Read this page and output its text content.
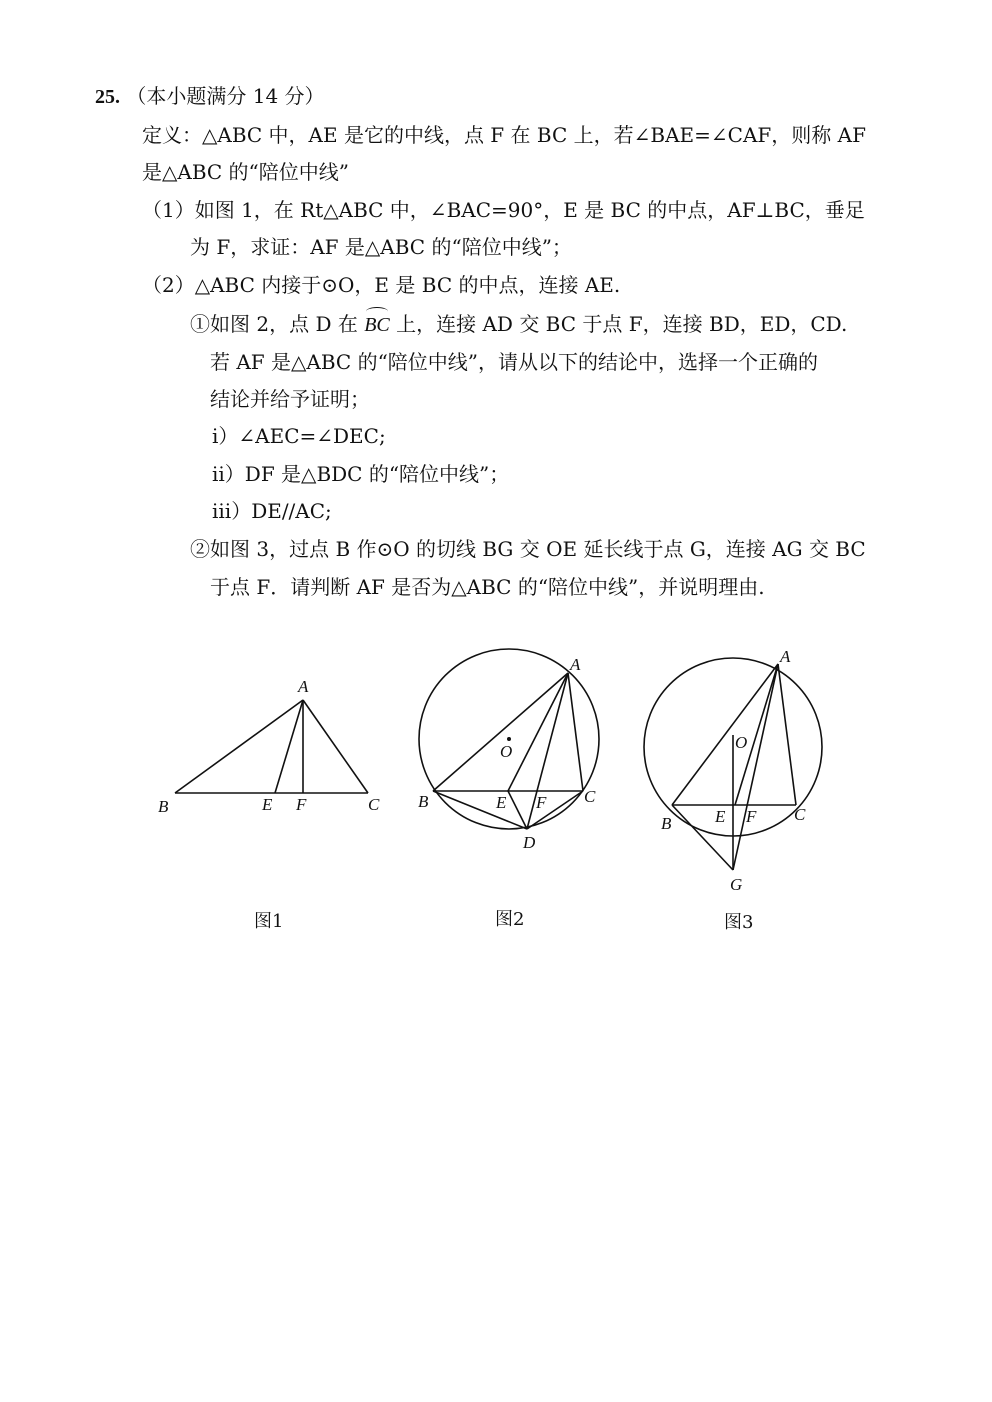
25. （本小题满分 14 分）
定义：△ABC 中，AE 是它的中线，点 F 在 BC 上，若∠BAE=∠CAF，则称 AF
是△ABC 的“陪位中线”
（1）如图 1，在 Rt△ABC 中，∠BAC=90°，E 是 BC 的中点，AF⊥BC，垂足
为 F，求证：AF 是△ABC 的“陪位中线”；
（2）△ABC 内接于⊙O，E 是 BC 的中点，连接 AE.
①如图 2，点 D 在 BC 上，连接 AD 交 BC 于点 F，连接 BD，ED，CD.
若 AF 是△ABC 的“陪位中线”，请从以下的结论中，选择一个正确的
结论并给予证明；
ⅰ）∠AEC=∠DEC;
ⅱ）DF 是△BDC 的“陪位中线”；
ⅲ）DE//AC;
②如图 3，过点 B 作⊙O 的切线 BG 交 OE 延长线于点 G，连接 AG 交 BC
于点 F．请判断 AF 是否为△ABC 的“陪位中线”，并说明理由.
A
B	C
E F
图1
A
B	C
D
E F
O
图2
A
B	C
E F
G
O
图3
